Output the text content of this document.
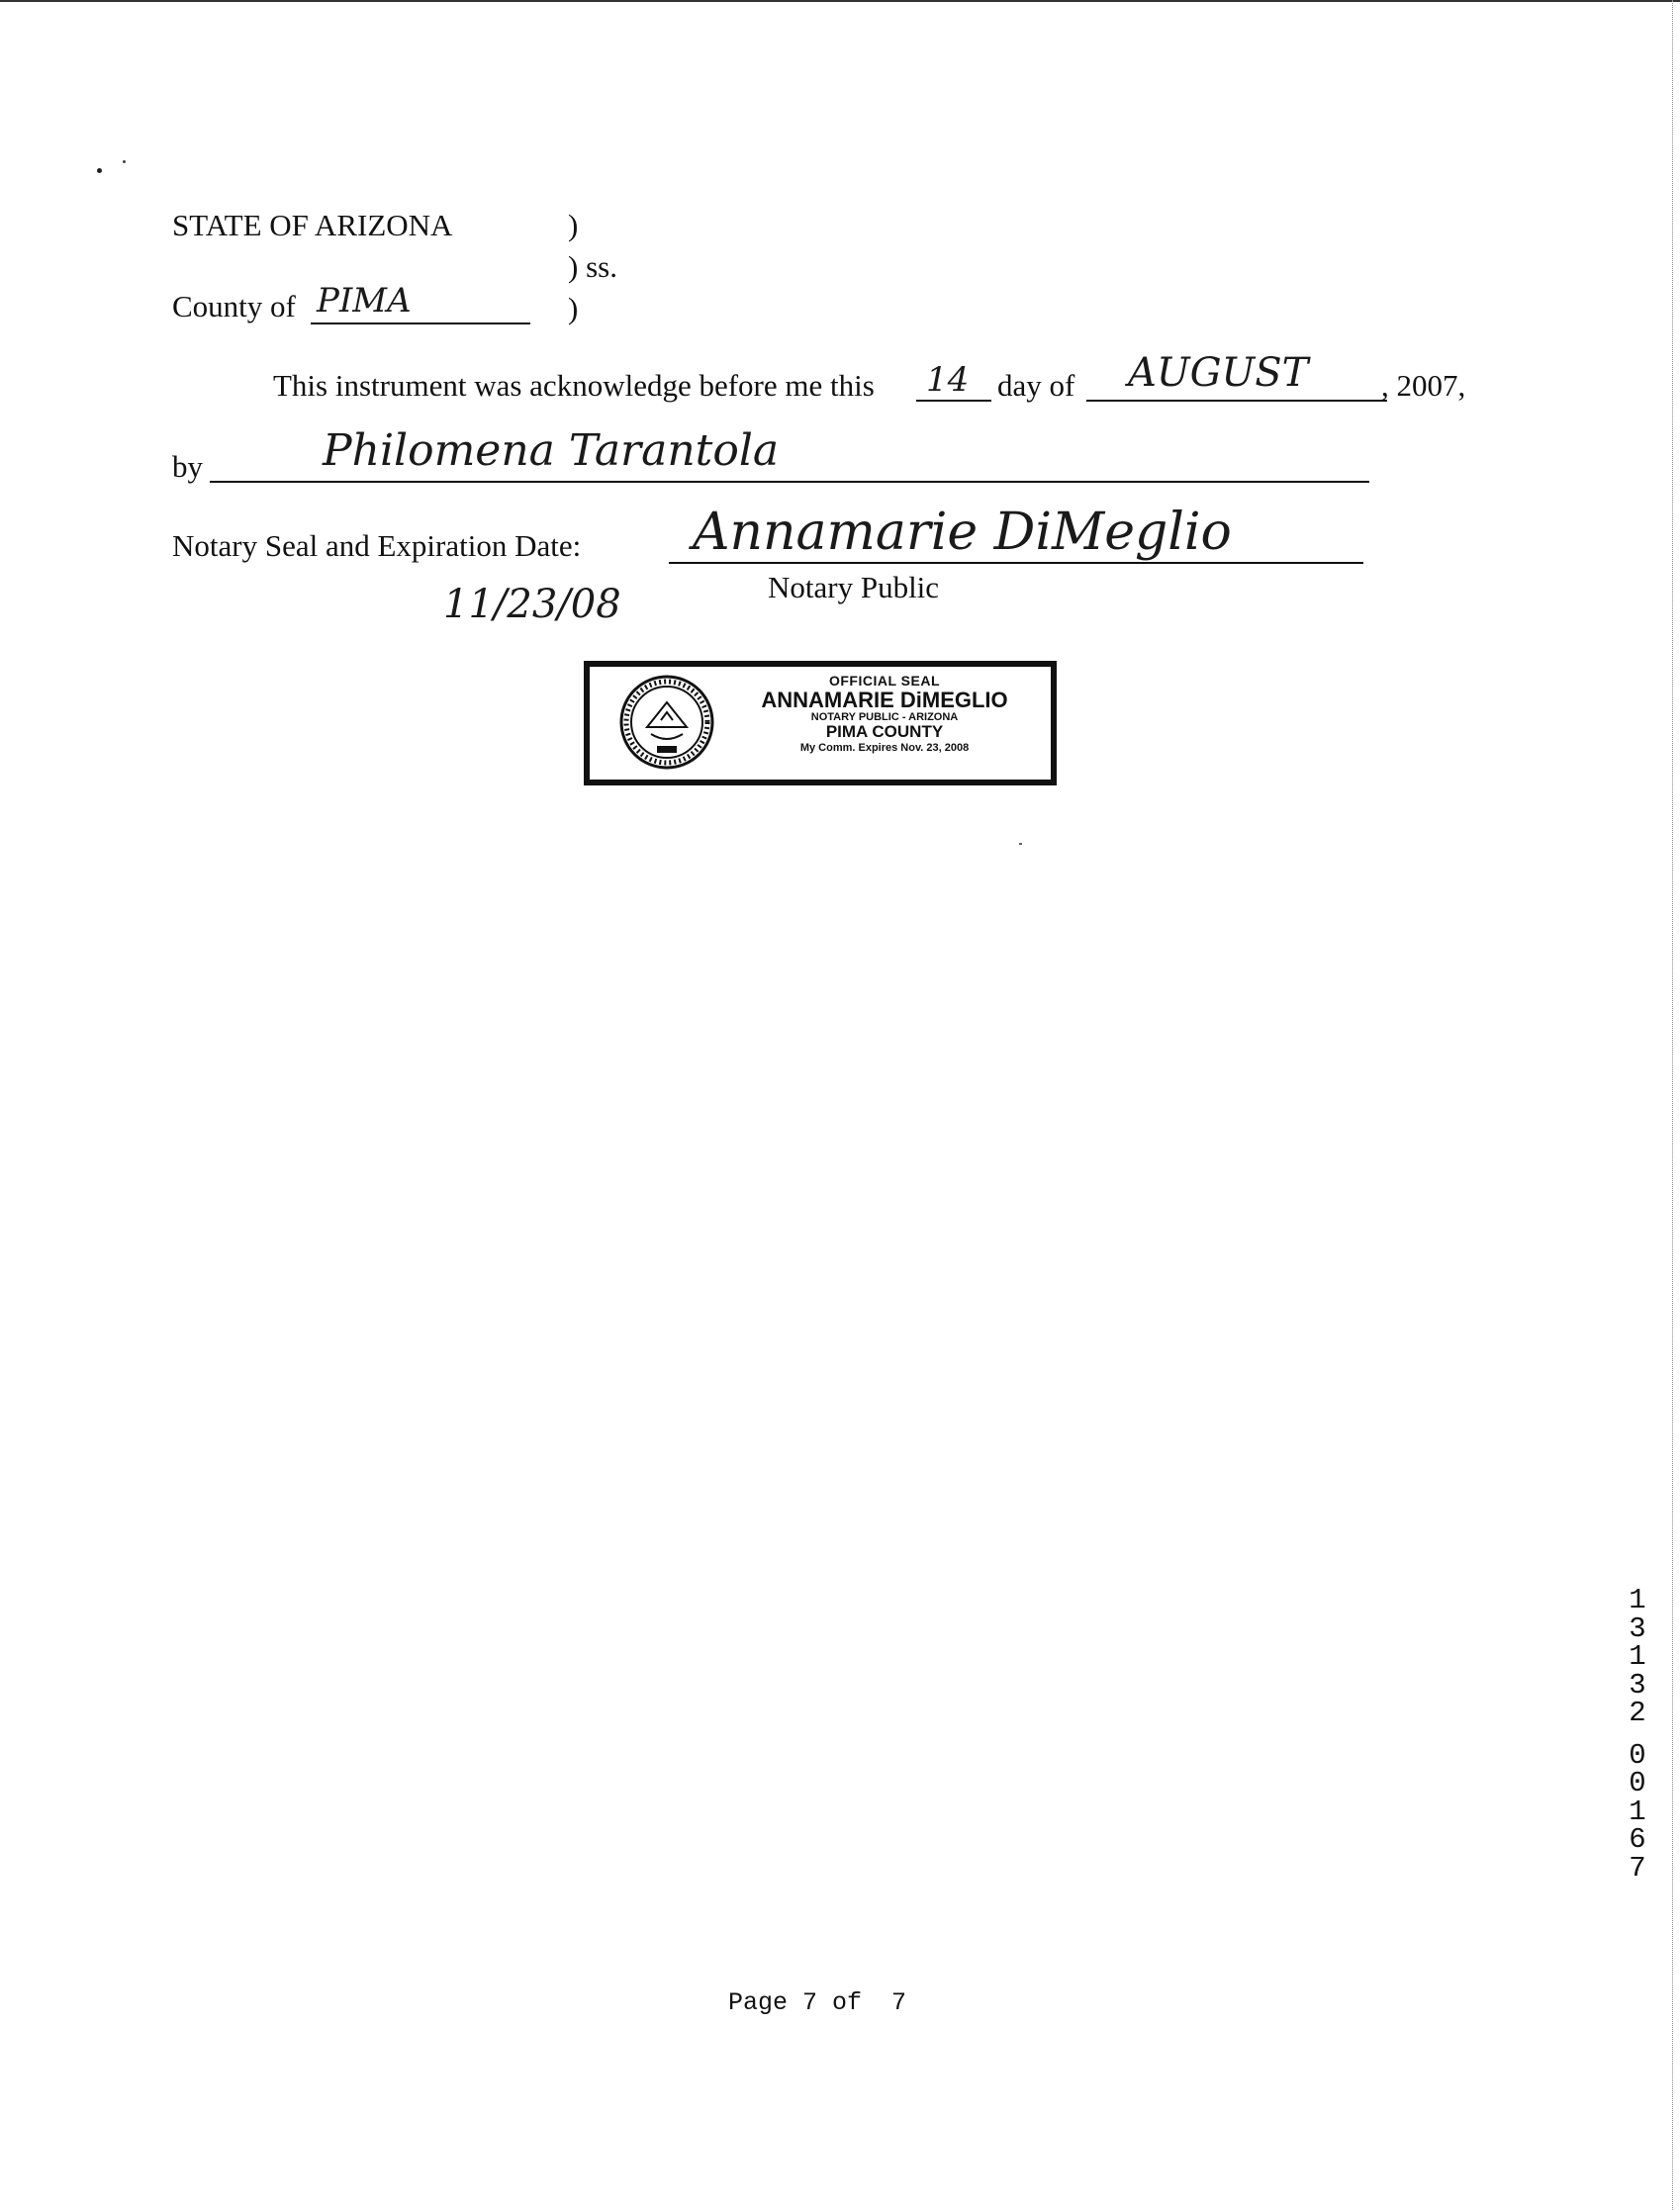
STATE OF ARIZONA	)
) ss.
County of PIMA	)
This instrument was acknowledge before me this 14 day of AUGUST , 2007,
by	Philomena Tarantola
Notary Seal and Expiration Date: Annamarie DiMeglio
Notary Public
11/23/08
OFFICIAL SEAL
ANNAMARIE DiMEGLIO
NOTARY PUBLIC - ARIZONA
PIMA COUNTY
My Comm. Expires Nov. 23, 2008
1
3
1
3
2
0
0
1
6
7
Page 7 of  7
